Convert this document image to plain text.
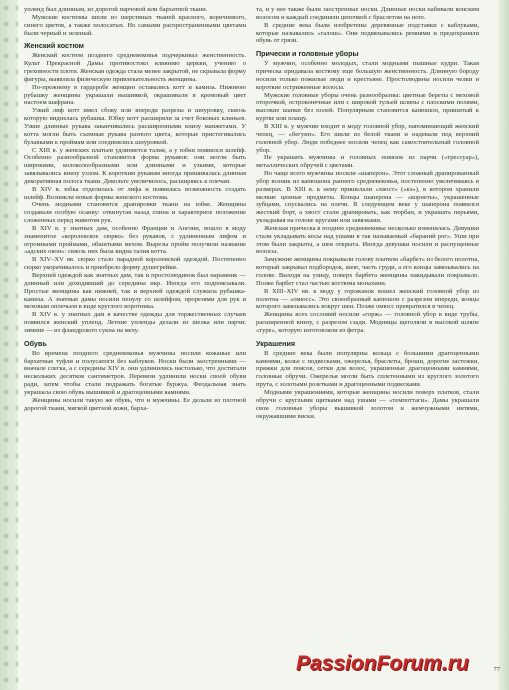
упленд был длинным, из дорогой парчовой или бархатной ткани.

Мужские костюмы шили из шерстяных тканей красного, коричневого, синего цветов, а также полосатых. Но самыми распространенными цветами были черный и зеленый.

Женский костюм

Женский костюм позднего средневековья подчеркивал женственность. Культ Прекрасной Дамы противостоял влиянию церкви, учению о греховности плоти. Женская одежда стала менее закрытой, не скрывала форму фигуры, выявляла физическую привлекательность женщины.

По-прежнему в гардеробе женщин оставались котт и камиза. Нижнюю рубашку женщины украшали вышивкой, окрашивали в кремовый цвет настоем шафрана.

Узкий лиф котт имел сбоку или впереди разрезы и шнуровку, сквозь которую виднелась рубашка. Юбку котт расширяли за счет боковых клиньев. Узкие длинные рукава заканчивались расширенными книзу манжетами. У котта могли быть съемные рукава разного цвета, которые пристегивались булавками к проймам или соединялись шнуровкой.

С XIII в. у женских платьев удлиняется талия, а у юбки появился шлейф. Особенно разнообразной становится форма рукавов: они могли быть широкими, колоколообразными или длинными и узкими, которые завязывались внизу узлом. К коротким рукавам иногда пришивалась длинная декоративная полоса ткани. Декольте увеличилось, расширяясь к плечам.

В XIV в. юбка отделилась от лифа и появилась возможность создать шлейф. Возникли новые формы женского костюма.

Очень модными становятся драпировки ткани на юбке. Женщины создавали особую осанку: откинутая назад спина и характерное положение сложенных перед животом рук.

В XIV в. у знатных дам, особенно Франции и Англии, вошло в моду знаменитое «королевское сюрко» без рукавов, с удлиненным лифом и огромными проймами, обшитыми мехом. Вырезы пройм получили название «адских окон»: сквозь них была видна талия котта.

В XIV–XV вв. сюрко стало парадной королевской одеждой. Постепенно сюрко укорачивалось и приобрело форму душегрейки.

Верхней одеждой как знатных дам, так и простолюдинок был нарамник — длинный или доходивший до середины икр. Иногда его подпоясывали. Простые женщины как нижней, так и верхней одеждой служила рубашка-камиза. А знатные дамы носили пенулу со шлейфом, прорезями для рук и меховым оплечьем в виде круглого воротника.

В XIV в. у знатных дам в качестве одежды для торжественных случаев появился женский упленд. Летние упленды делали из шелка или парчи; зимние — из фландрского сукна на меху.

Обувь

Во времена позднего средневековья мужчины носили кожаные или бархатные туфли и полусапоги без каблуков. Носки были заостренными — вначале слегка, а с середины XIV в. они удлинились настолько, что достигали нескольких десятков сантиметров. Перевязи удлинили носки своей обуви ради, затем чтобы стали подражать богатые буржуа. Феодальная знать украшала свою обувь вышивкой и драгоценными камнями.

Женщины носили такую же обувь, что и мужчины. Ее делали из плотной дорогой ткани, мягкой цветной кожи, барха-

та, и у нее также были заостренные носки. Длинные носки набивали конским волосом и каждый соединяли цепочкой с браслетом на ноге.

В средние века были изобретены деревянные подставки с каблуками, которые назывались «галош». Они подвязывались ремнями и предохраняли обувь от грязи.

Прически и головные уборы

У мужчин, особенно молодых, стали модными пышные кудри. Такая прическа придавала костюму еще большую женственность. Длинную бороду носили только пожилые люди и крестьяне. Простолюдины носили челки и короткие остриженные волосы.

Мужские головные уборы очень разнообразны: цветные береты с меховой оторочкой, остроконечные или с широкой тульей шляпы с плоскими полями, высокие шапки без полей. Популярным становится капюшон, пришитый к куртке или плащу.

В XIII в. у мужчин входит в моду головной убор, напоминающий женский чепец, — «бегуин». Его шили из белой ткани и надевали под верхний головной убор. Люди победнее носили чепец как самостоятельный головной убор.

Не украшать мужчины и головных повязок из парчи («трессуар»), металлических обручей с цветами.

Но чаще всего мужчины носили «шаперон». Этот сложный драпированный убор возник из капюшона раннего средневековья, постепенно увеличиваясь в размерах. В XIII в. к нему пришелали «хвост» («кэ»), в котором хранили мелкие ценные предметы. Концы шаперона — «корнеты», украшенные зубцами, спускались на плечи. В следующем веке у шаперона появился жесткий борт, а хвост стали драпировать, как тюрбан, и украшать перьями, укладывая на голове кругами или завязками.

Женская прическа в позднее средневековье несколько изменилась. Девушки стали укладывать косы над ушами в так называемый «бараний рог». Уши при этом были закрыты, а шея открыта. Иногда девушки носили и распущенные волосы.

Замужние женщины покрывали голову платком «барбет» из белого полотна, который закрывал подбородок, шею, часть груди, а его концы завязывались на голове. Выходя на улицу, поверх барбета женщины накидывали покрывало. Позже барбет стал частью костюма монахини.

В XIII–XIV вв. в моду у горожанок вошел женский головной убор из полотна — «омюсс». Это своеобразный капюшон с разрезом впереди, концы которого завязывались вокруг шеи. Позже омюсс превратился в чепец.

Женщины всех сословий носили «горж» — головной убор в виде трубы, расширенной книзу, с разрезом сзади. Модницы щеголяли в высокой шляпе «туре», которую изготовляли из фетра.

Украшения

В средние века были популярны кольца с большими драгоценными камнями, колье с подвесками, ожерелья, браслеты, броши, дорогие застежки, пряжки для поясов, сетки для волос, украшенные драгоценными камнями, головные обручи. Ожерелья могли быть сплетенными из круглого золотого прута, с золотыми розетками и драгоценными подвесками.

Модными украшениями, которые женщины носили поверх платков, стали обручи с круглыми щитками над ушами — «темпоттаги». Дамы украшали свои головные уборы вышивкой золотом и жемчужными нитями, окружавшими виски.

PassionForum.ru	77
